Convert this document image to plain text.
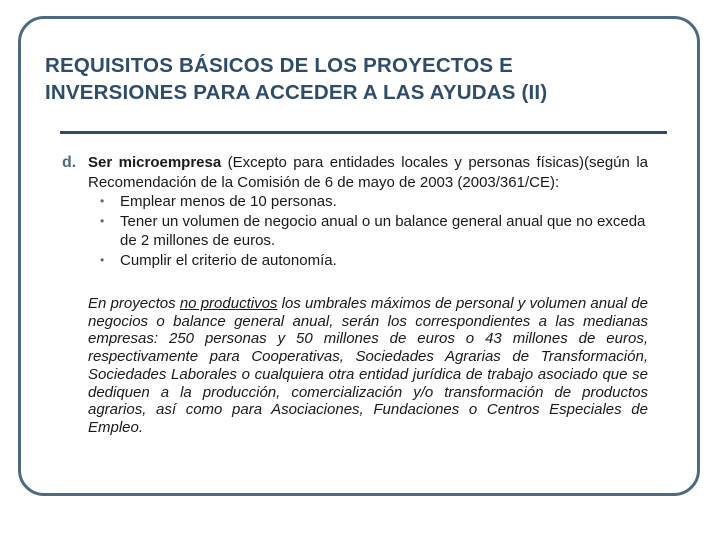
REQUISITOS BÁSICOS DE LOS PROYECTOS E
INVERSIONES PARA ACCEDER A LAS AYUDAS (II)
d. Ser microempresa (Excepto para entidades locales y personas físicas)(según la Recomendación de la Comisión de 6 de mayo de 2003 (2003/361/CE):
• Emplear menos de 10 personas.
• Tener un volumen de negocio anual o un balance general anual que no exceda de 2 millones de euros.
• Cumplir el criterio de autonomía.

En proyectos no productivos los umbrales máximos de personal y volumen anual de negocios o balance general anual, serán los correspondientes a las medianas empresas: 250 personas y 50 millones de euros o 43 millones de euros, respectivamente para Cooperativas, Sociedades Agrarias de Transformación, Sociedades Laborales o cualquiera otra entidad jurídica de trabajo asociado que se dediquen a la producción, comercialización y/o transformación de productos agrarios, así como para Asociaciones, Fundaciones o Centros Especiales de Empleo.
